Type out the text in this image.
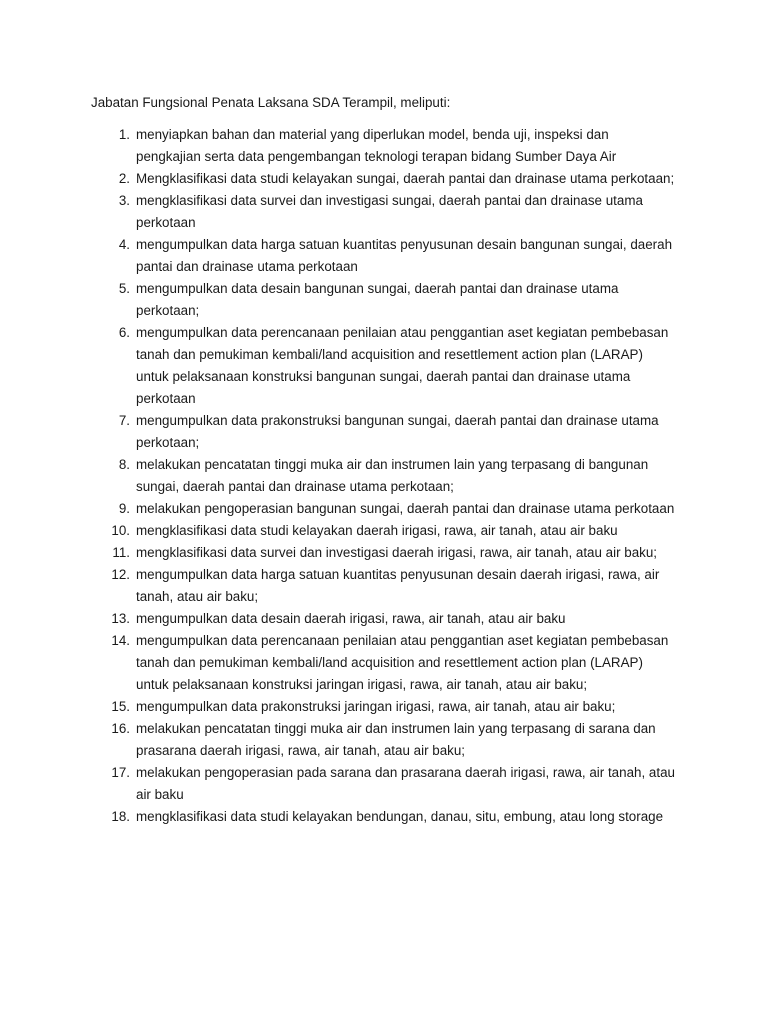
Jabatan Fungsional Penata Laksana SDA Terampil, meliputi:
1. menyiapkan bahan dan material yang diperlukan model, benda uji, inspeksi dan pengkajian serta data pengembangan teknologi terapan bidang Sumber Daya Air
2. Mengklasifikasi data studi kelayakan sungai, daerah pantai dan drainase utama perkotaan;
3. mengklasifikasi data survei dan investigasi sungai, daerah pantai dan drainase utama perkotaan
4. mengumpulkan data harga satuan kuantitas penyusunan desain bangunan sungai, daerah pantai dan drainase utama perkotaan
5. mengumpulkan data desain bangunan sungai, daerah pantai dan drainase utama perkotaan;
6. mengumpulkan data perencanaan penilaian atau penggantian aset kegiatan pembebasan tanah dan pemukiman kembali/land acquisition and resettlement action plan (LARAP) untuk pelaksanaan konstruksi bangunan sungai, daerah pantai dan drainase utama perkotaan
7. mengumpulkan data prakonstruksi bangunan sungai, daerah pantai dan drainase utama perkotaan;
8. melakukan pencatatan tinggi muka air dan instrumen lain yang terpasang di bangunan sungai, daerah pantai dan drainase utama perkotaan;
9. melakukan pengoperasian bangunan sungai, daerah pantai dan drainase utama perkotaan
10. mengklasifikasi data studi kelayakan daerah irigasi, rawa, air tanah, atau air baku
11. mengklasifikasi data survei dan investigasi daerah irigasi, rawa, air tanah, atau air baku;
12. mengumpulkan data harga satuan kuantitas penyusunan desain daerah irigasi, rawa, air tanah, atau air baku;
13. mengumpulkan data desain daerah irigasi, rawa, air tanah, atau air baku
14. mengumpulkan data perencanaan penilaian atau penggantian aset kegiatan pembebasan tanah dan pemukiman kembali/land acquisition and resettlement action plan (LARAP) untuk pelaksanaan konstruksi jaringan irigasi, rawa, air tanah, atau air baku;
15. mengumpulkan data prakonstruksi jaringan irigasi, rawa, air tanah, atau air baku;
16. melakukan pencatatan tinggi muka air dan instrumen lain yang terpasang di sarana dan prasarana daerah irigasi, rawa, air tanah, atau air baku;
17. melakukan pengoperasian pada sarana dan prasarana daerah irigasi, rawa, air tanah, atau air baku
18. mengklasifikasi data studi kelayakan bendungan, danau, situ, embung, atau long storage
